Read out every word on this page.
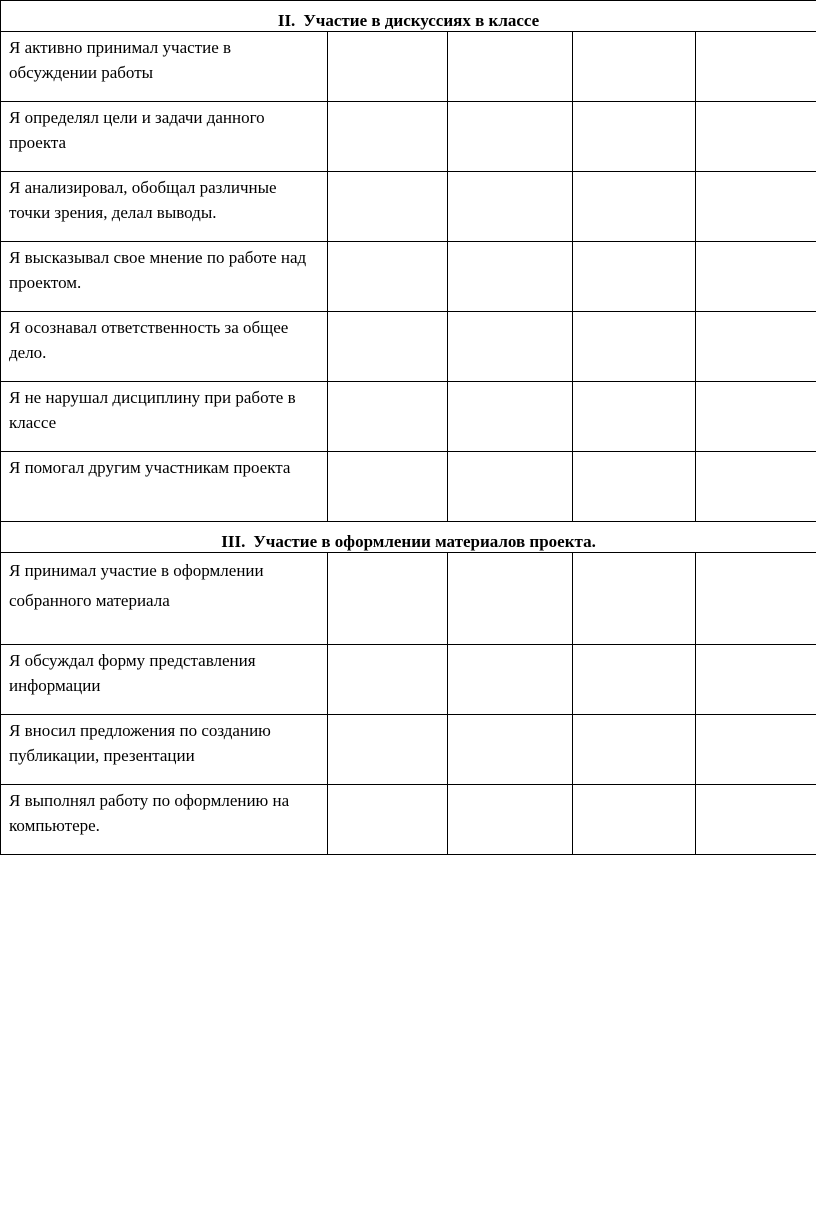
II. Участие в дискуссиях в классе				
Я активно принимал участие в обсуждении работы				
Я определял цели и задачи данного проекта				
Я анализировал, обобщал различные точки зрения, делал выводы.				
Я высказывал свое мнение по работе над проектом.				
Я осознавал ответственность за общее дело.				
Я не нарушал дисциплину при работе в классе				
Я помогал другим участникам проекта				
III. Участие в оформлении материалов проекта.				
Я принимал участие в оформлении собранного материала				
Я обсуждал форму представления информации				
Я вносил предложения по созданию публикации, презентации				
Я выполнял работу по оформлению на компьютере.				
